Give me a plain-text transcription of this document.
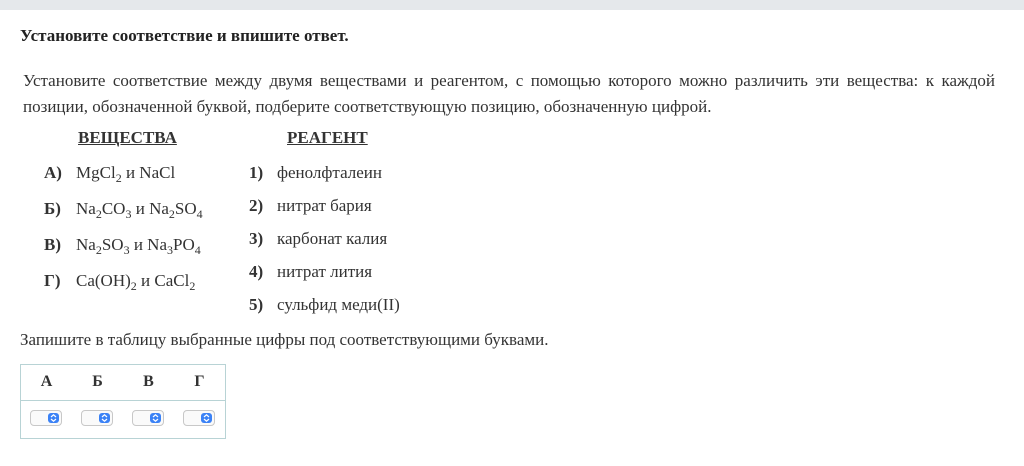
Установите соответствие и впишите ответ.
Установите соответствие между двумя веществами и реагентом, с помощью которого можно различить эти вещества: к каждой позиции, обозначенной буквой, подберите соответствующую позицию, обозначенную цифрой.
ВЕЩЕСТВА	РЕАГЕНТ
А) MgCl$_2$ и NaCl
Б) $Na_2CO_3$ и $Na_2SO_4$
В) $Na_2SO_3$ и $Na_3PO_4$
Г) $Ca(OH)_2$ и CaCl$_2$
1) фенолфталеин
2) нитрат бария
3) карбонат калия
4) нитрат лития
5) сульфид меди(II)
Запишите в таблицу выбранные цифры под соответствующими буквами.
А	Б	В	Г
